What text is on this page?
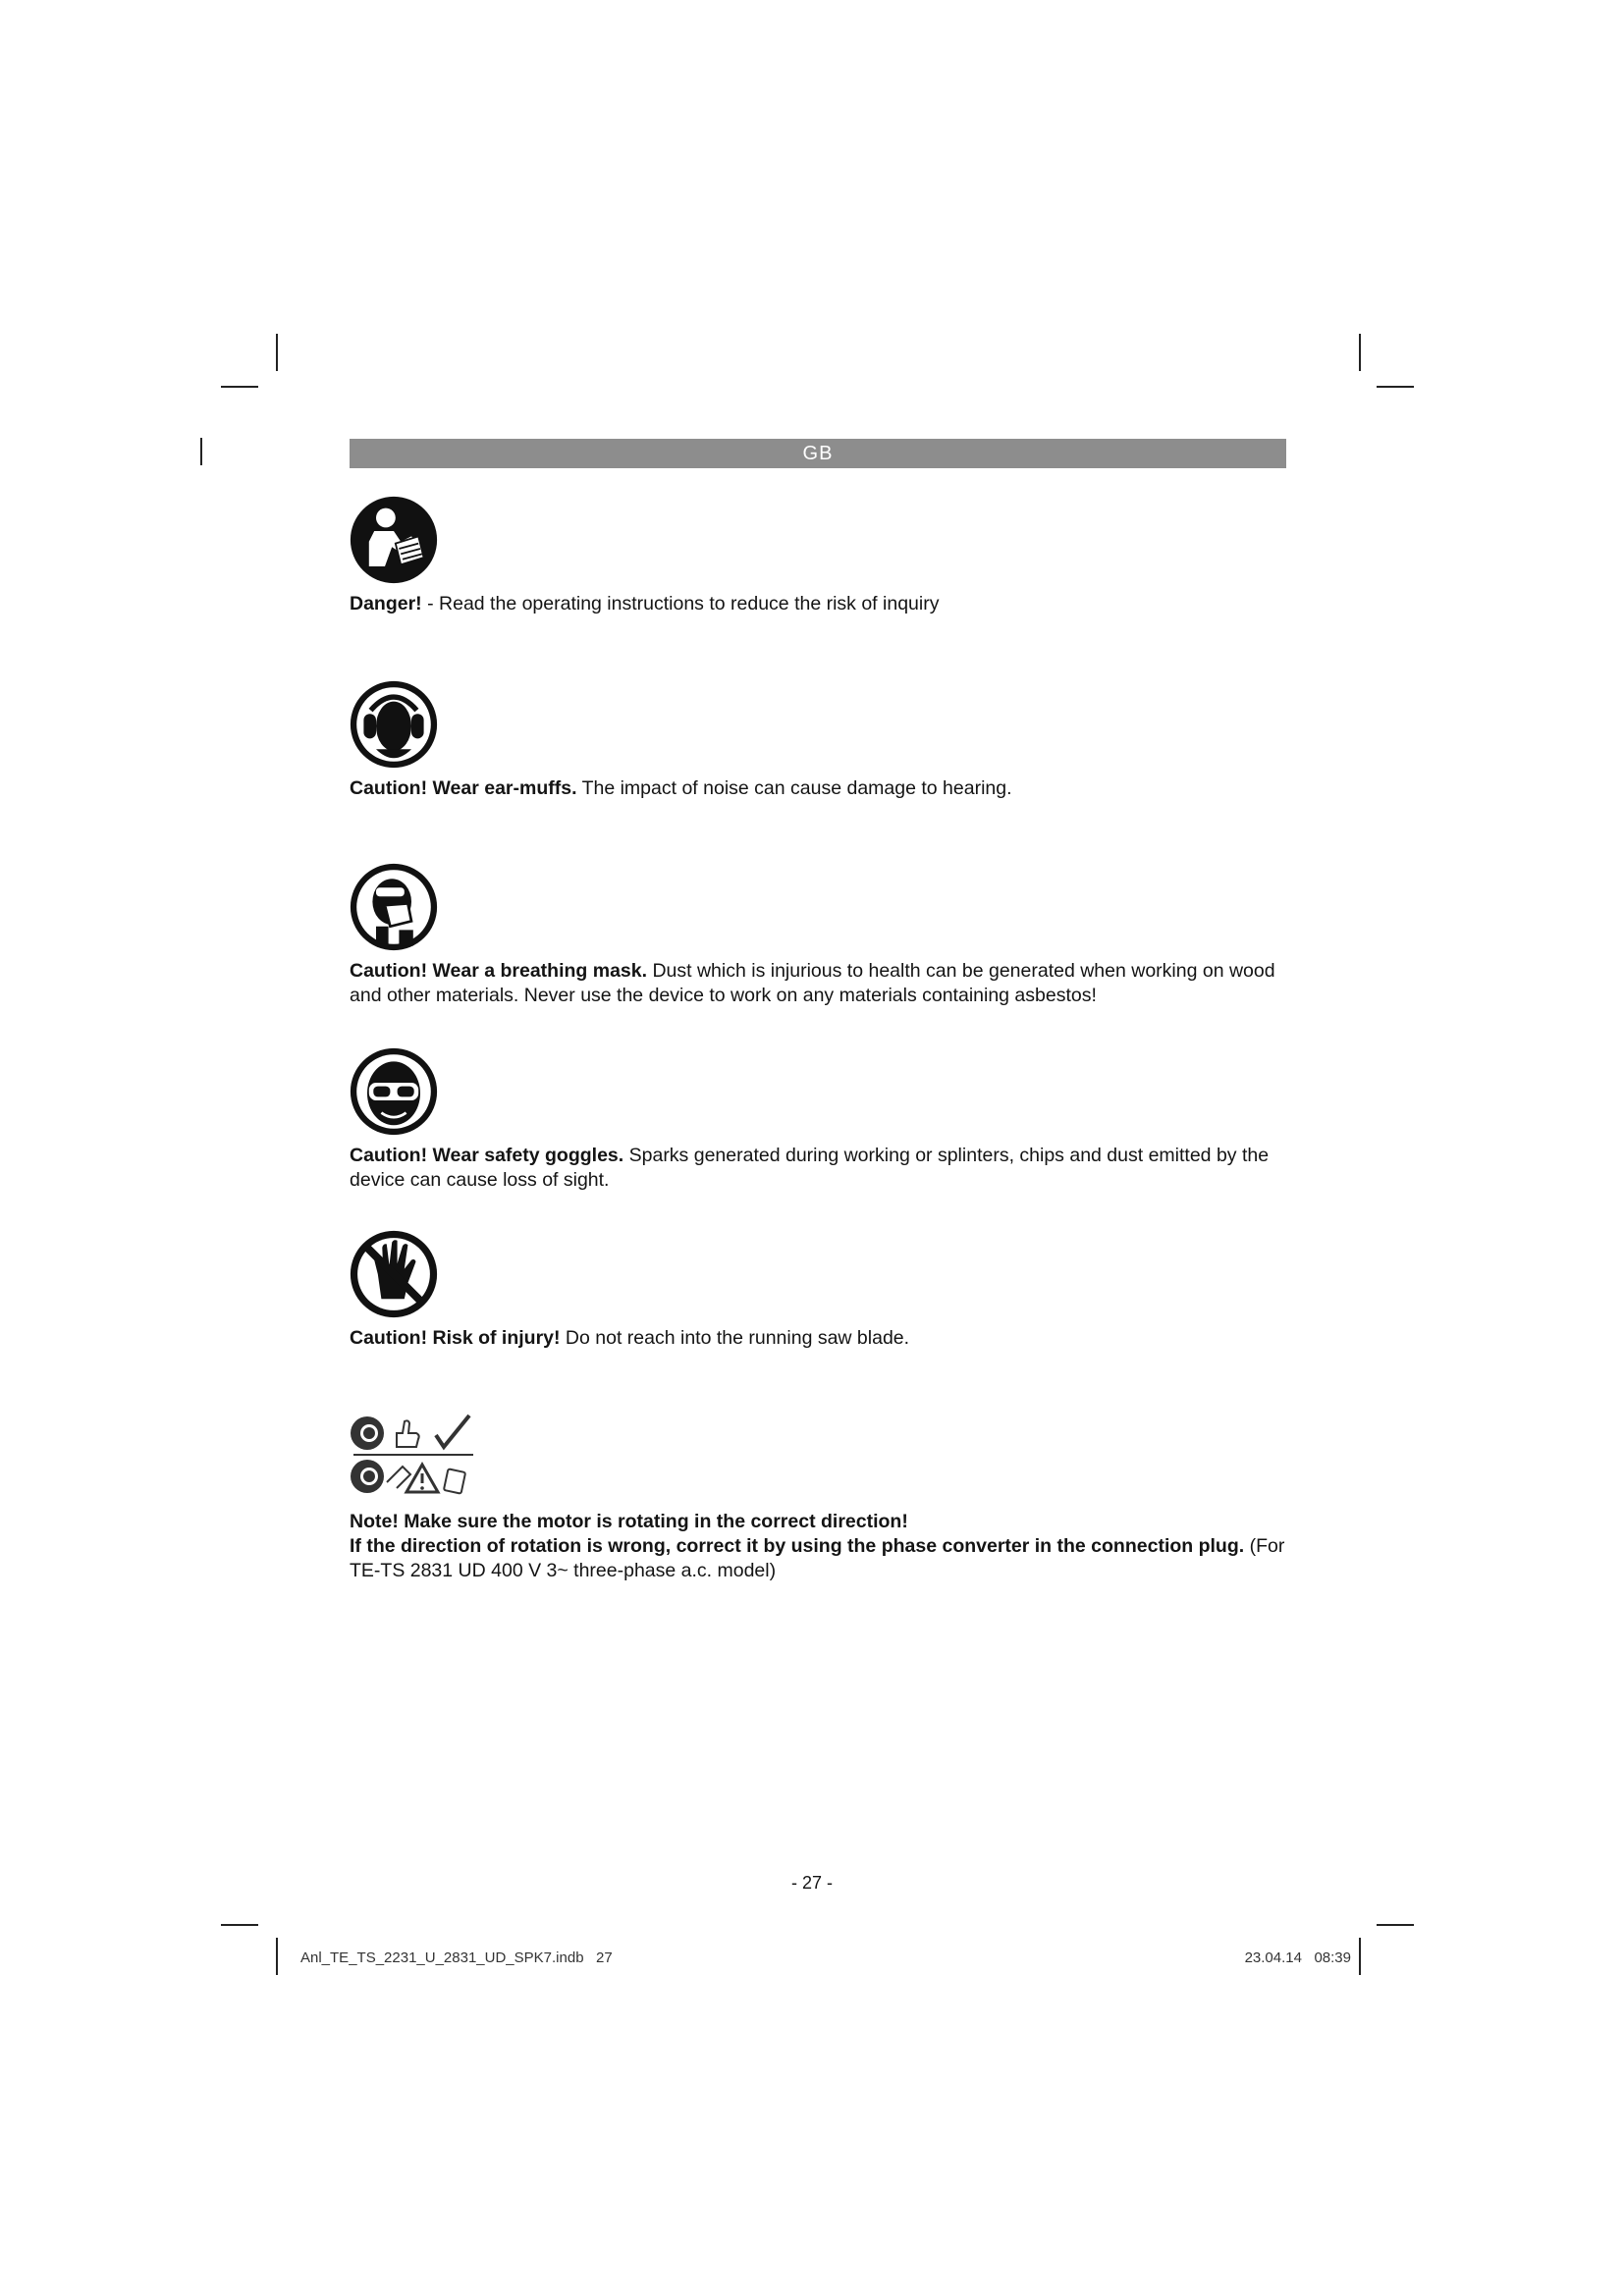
GB
Danger! - Read the operating instructions to reduce the risk of inquiry
Caution! Wear ear-muffs. The impact of noise can cause damage to hearing.
Caution! Wear a breathing mask. Dust which is injurious to health can be generated when working on wood and other materials. Never use the device to work on any materials containing asbestos!
Caution! Wear safety goggles. Sparks generated during working or splinters, chips and dust emitted by the device can cause loss of sight.
Caution! Risk of injury! Do not reach into the running saw blade.
Note! Make sure the motor is rotating in the correct direction!
If the direction of rotation is wrong, correct it by using the phase converter in the connection plug. (For TE-TS 2831 UD 400 V 3~ three-phase a.c. model)
- 27 -
Anl_TE_TS_2231_U_2831_UD_SPK7.indb   27	23.04.14   08:39
